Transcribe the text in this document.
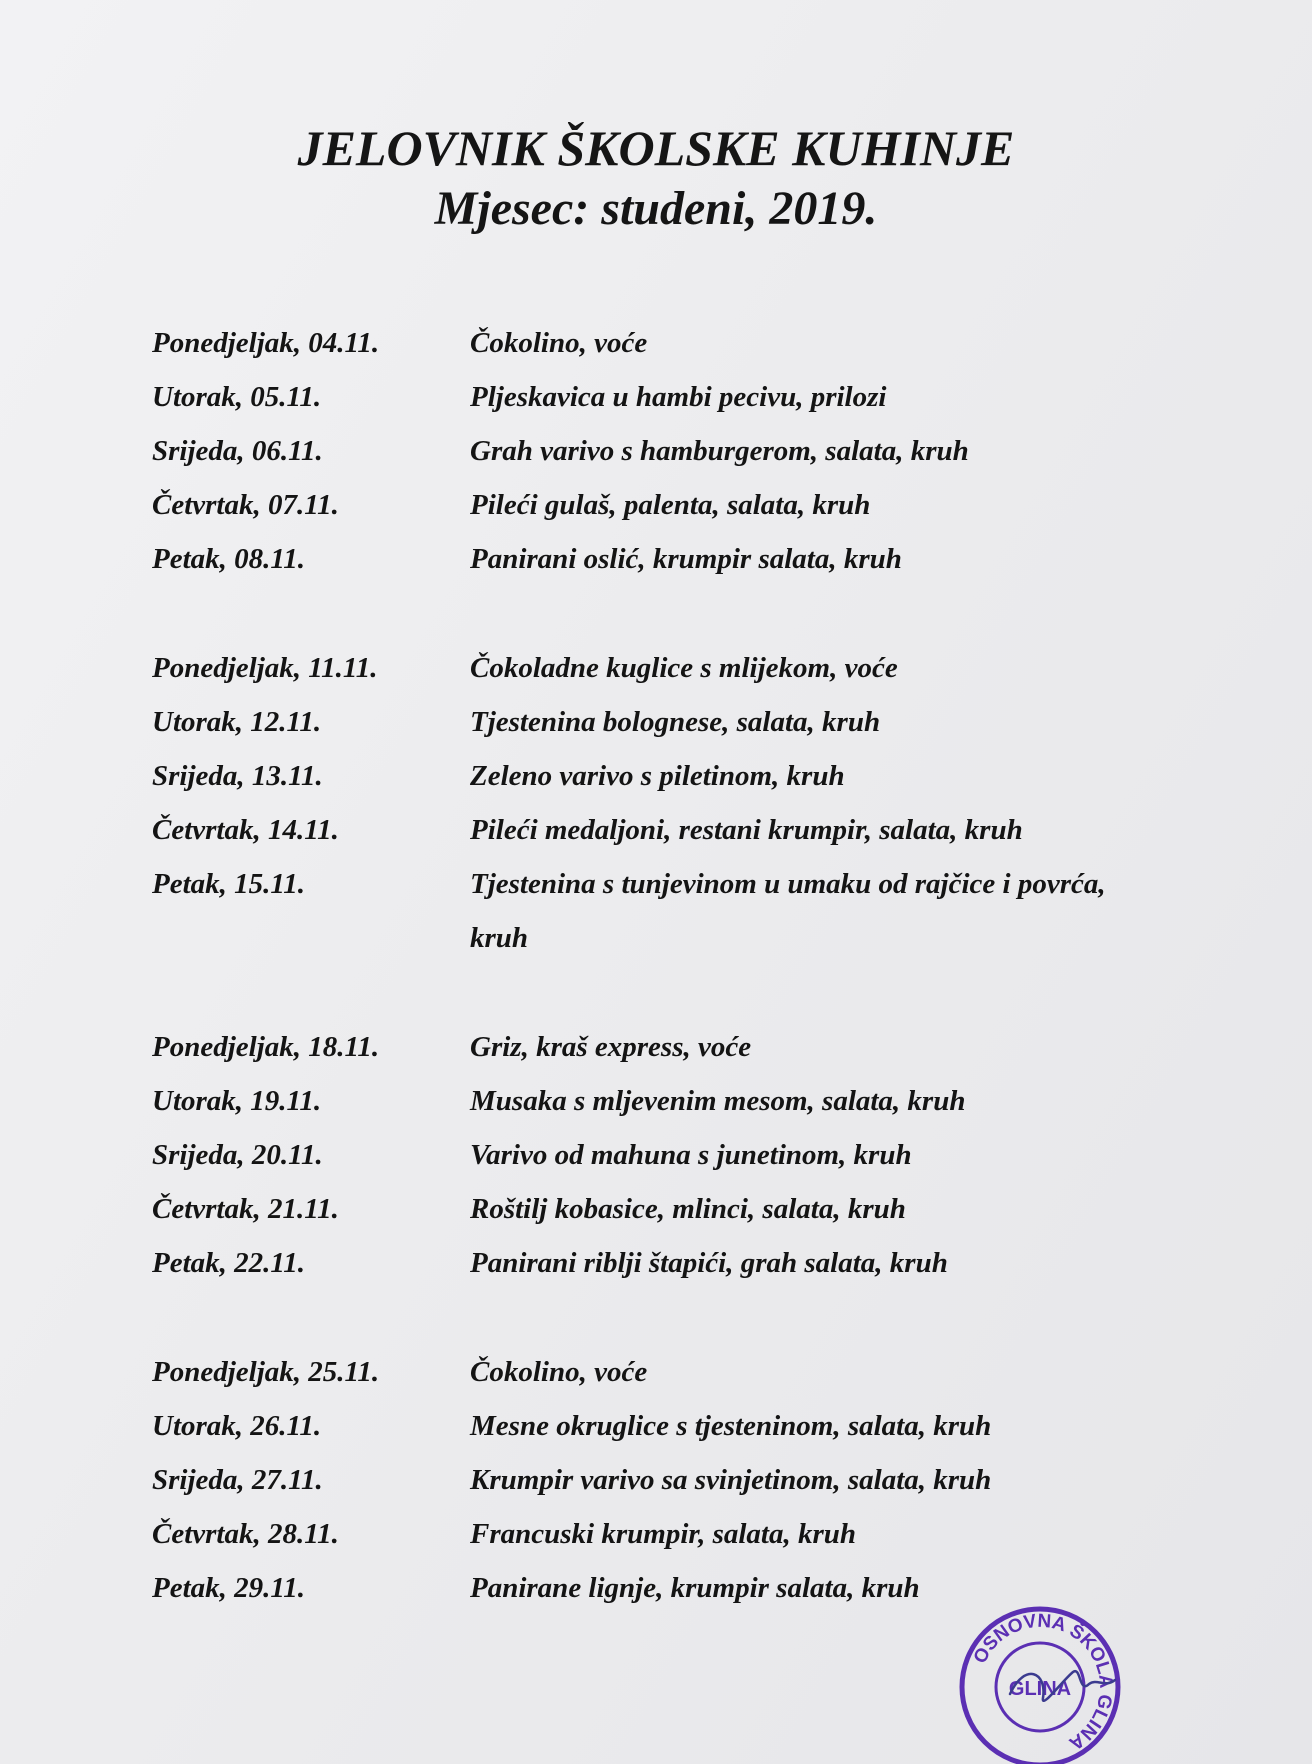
JELOVNIK ŠKOLSKE KUHINJE
Mjesec: studeni, 2019.
Ponedjeljak, 04.11.	Čokolino, voće
Utorak, 05.11.	Pljeskavica u hambi pecivu, prilozi
Srijeda, 06.11.	Grah varivo s hamburgerom, salata, kruh
Četvrtak, 07.11.	Pileći gulaš, palenta, salata, kruh
Petak, 08.11.	Panirani oslić, krumpir salata, kruh
Ponedjeljak, 11.11.	Čokoladne kuglice s mlijekom, voće
Utorak, 12.11.	Tjestenina bolognese, salata, kruh
Srijeda, 13.11.	Zeleno varivo s piletinom, kruh
Četvrtak, 14.11.	Pileći medaljoni, restani krumpir, salata, kruh
Petak, 15.11.	Tjestenina s tunjevinom u umaku od rajčice i povrća,
kruh
Ponedjeljak, 18.11.	Griz, kraš express, voće
Utorak, 19.11.	Musaka s mljevenim mesom, salata, kruh
Srijeda, 20.11.	Varivo od mahuna s junetinom, kruh
Četvrtak, 21.11.	Roštilj kobasice, mlinci, salata, kruh
Petak, 22.11.	Panirani riblji štapići, grah salata, kruh
Ponedjeljak, 25.11.	Čokolino, voće
Utorak, 26.11.	Mesne okruglice s tjesteninom, salata, kruh
Srijeda, 27.11.	Krumpir varivo sa svinjetinom, salata, kruh
Četvrtak, 28.11.	Francuski krumpir, salata, kruh
Petak, 29.11.	Panirane lignje, krumpir salata, kruh
OSNOVNA ŠKOLA GLINA
GLINA
